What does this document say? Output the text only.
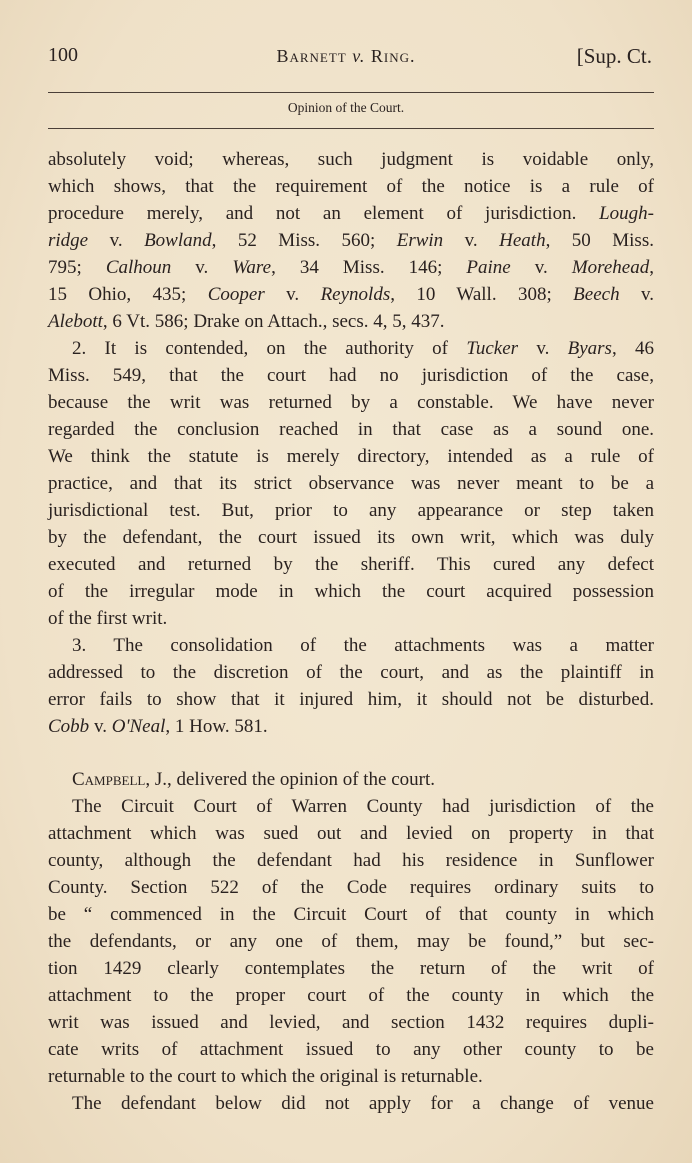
100	Barnett v. Ring.	[Sup. Ct.
Opinion of the Court.
absolutely void; whereas, such judgment is voidable only,
which shows, that the requirement of the notice is a rule of
procedure merely, and not an element of jurisdiction. Lough-
ridge v. Bowland, 52 Miss. 560; Erwin v. Heath, 50 Miss.
795; Calhoun v. Ware, 34 Miss. 146; Paine v. Morehead,
15 Ohio, 435; Cooper v. Reynolds, 10 Wall. 308; Beech v.
Alebott, 6 Vt. 586; Drake on Attach., secs. 4, 5, 437.
2. It is contended, on the authority of Tucker v. Byars, 46
Miss. 549, that the court had no jurisdiction of the case,
because the writ was returned by a constable. We have never
regarded the conclusion reached in that case as a sound one.
We think the statute is merely directory, intended as a rule of
practice, and that its strict observance was never meant to be a
jurisdictional test. But, prior to any appearance or step taken
by the defendant, the court issued its own writ, which was duly
executed and returned by the sheriff. This cured any defect
of the irregular mode in which the court acquired possession
of the first writ.
3. The consolidation of the attachments was a matter
addressed to the discretion of the court, and as the plaintiff in
error fails to show that it injured him, it should not be disturbed.
Cobb v. O'Neal, 1 How. 581.
Campbell, J., delivered the opinion of the court.
The Circuit Court of Warren County had jurisdiction of the
attachment which was sued out and levied on property in that
county, although the defendant had his residence in Sunflower
County. Section 522 of the Code requires ordinary suits to
be “ commenced in the Circuit Court of that county in which
the defendants, or any one of them, may be found,” but sec-
tion 1429 clearly contemplates the return of the writ of
attachment to the proper court of the county in which the
writ was issued and levied, and section 1432 requires dupli-
cate writs of attachment issued to any other county to be
returnable to the court to which the original is returnable.
The defendant below did not apply for a change of venue
